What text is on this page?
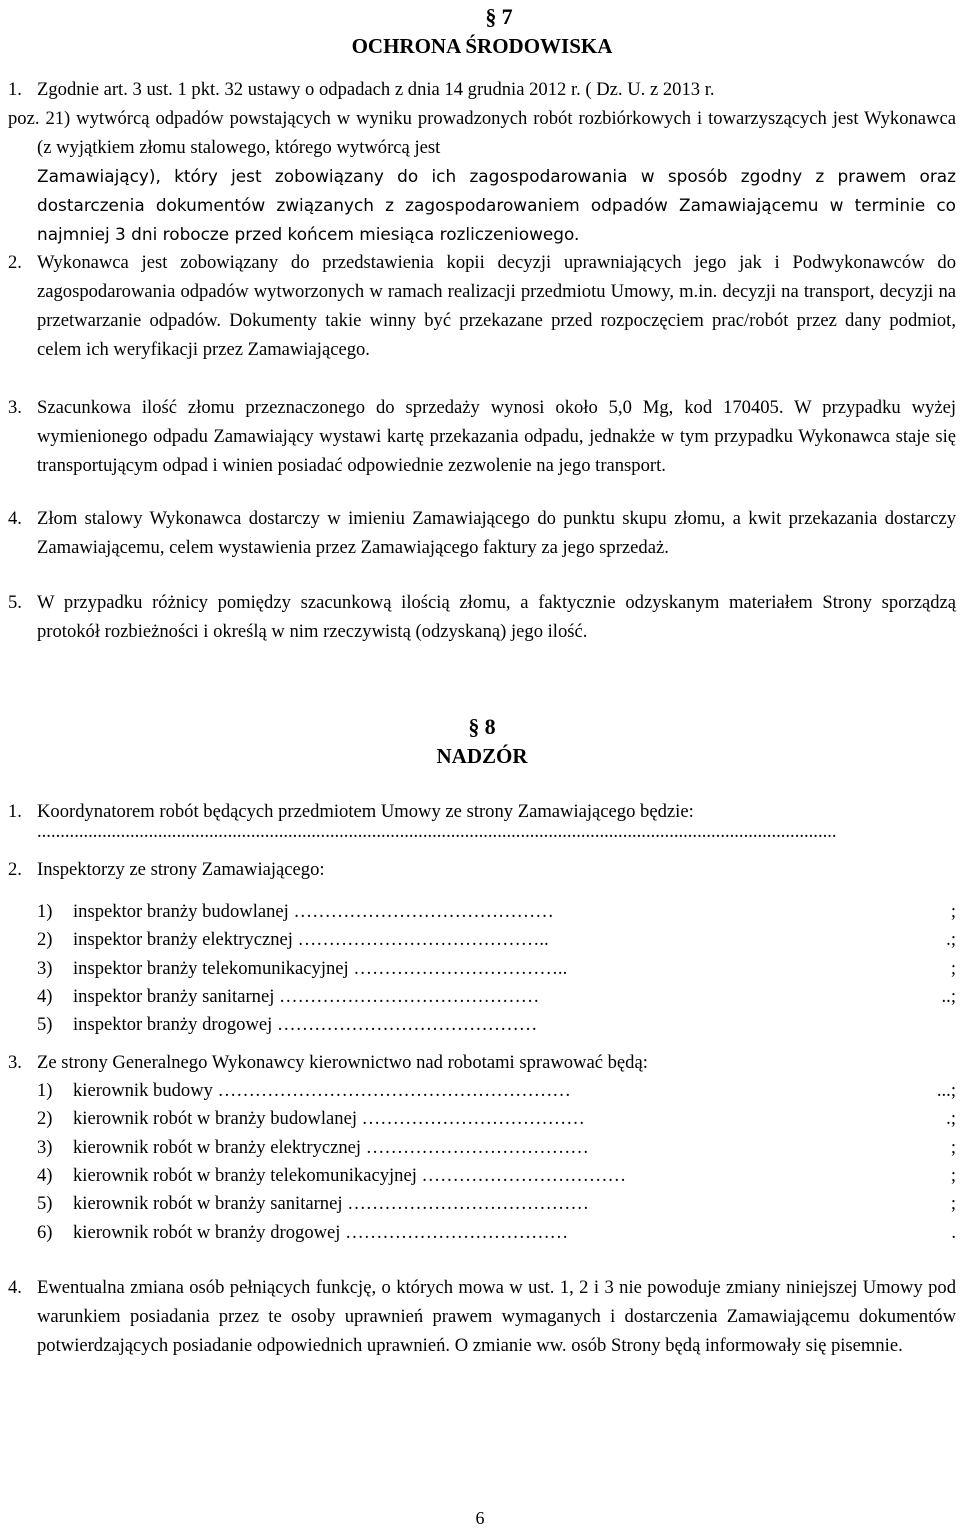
§ 7
OCHRONA ŚRODOWISKA
1. Zgodnie art. 3 ust. 1 pkt. 32 ustawy o odpadach z dnia 14 grudnia 2012 r. ( Dz. U. z 2013 r.
poz. 21) wytwórcą odpadów powstających w wyniku prowadzonych robót rozbiórkowych i towarzyszących jest Wykonawca (z wyjątkiem złomu stalowego, którego wytwórcą jest
Zamawiający), który jest zobowiązany do ich zagospodarowania w sposób zgodny z prawem oraz dostarczenia dokumentów związanych z zagospodarowaniem odpadów Zamawiającemu w terminie co najmniej 3 dni robocze przed końcem miesiąca rozliczeniowego.
2. Wykonawca jest zobowiązany do przedstawienia kopii decyzji uprawniających jego jak i Podwykonawców do zagospodarowania odpadów wytworzonych w ramach realizacji przedmiotu Umowy, m.in. decyzji na transport, decyzji na przetwarzanie odpadów. Dokumenty takie winny być przekazane przed rozpoczęciem prac/robót przez dany podmiot, celem ich weryfikacji przez Zamawiającego.
3. Szacunkowa ilość złomu przeznaczonego do sprzedaży wynosi około 5,0 Mg, kod 170405. W przypadku wyżej wymienionego odpadu Zamawiający wystawi kartę przekazania odpadu, jednakże w tym przypadku Wykonawca staje się transportującym odpad i winien posiadać odpowiednie zezwolenie na jego transport.
4. Złom stalowy Wykonawca dostarczy w imieniu Zamawiającego do punktu skupu złomu, a kwit przekazania dostarczy Zamawiającemu, celem wystawienia przez Zamawiającego faktury za jego sprzedaż.
5. W przypadku różnicy pomiędzy szacunkową ilością złomu, a faktycznie odzyskanym materiałem Strony sporządzą protokół rozbieżności i określą w nim rzeczywistą (odzyskaną) jego ilość.
§ 8
NADZÓR
1. Koordynatorem robót będących przedmiotem Umowy ze strony Zamawiającego będzie:
............................................................................................................................................................................
2. Inspektorzy ze strony Zamawiającego:
1) inspektor branży budowlanej
……………………………………	;
2) inspektor branży elektrycznej
…………………………………..	.;
3) inspektor branży telekomunikacyjnej
……………………………..	;
4) inspektor branży sanitarnej
……………………………………	..;
5) inspektor branży drogowej
……………………………………
3. Ze strony Generalnego Wykonawcy kierownictwo nad robotami sprawować będą:
1) kierownik budowy
…………………………………………………	...;
2) kierownik robót w branży budowlanej
………………………………	.;
3) kierownik robót w branży elektrycznej
………………………………	;
4) kierownik robót w branży telekomunikacyjnej
……………………………	;
5) kierownik robót w branży sanitarnej
…………………………………	;
6) kierownik robót w branży drogowej
………………………………	.
4. Ewentualna zmiana osób pełniących funkcję, o których mowa w ust. 1, 2 i 3 nie powoduje zmiany niniejszej Umowy pod warunkiem posiadania przez te osoby uprawnień prawem wymaganych i dostarczenia Zamawiającemu dokumentów potwierdzających posiadanie odpowiednich uprawnień. O zmianie ww. osób Strony będą informowały się pisemnie.
6
